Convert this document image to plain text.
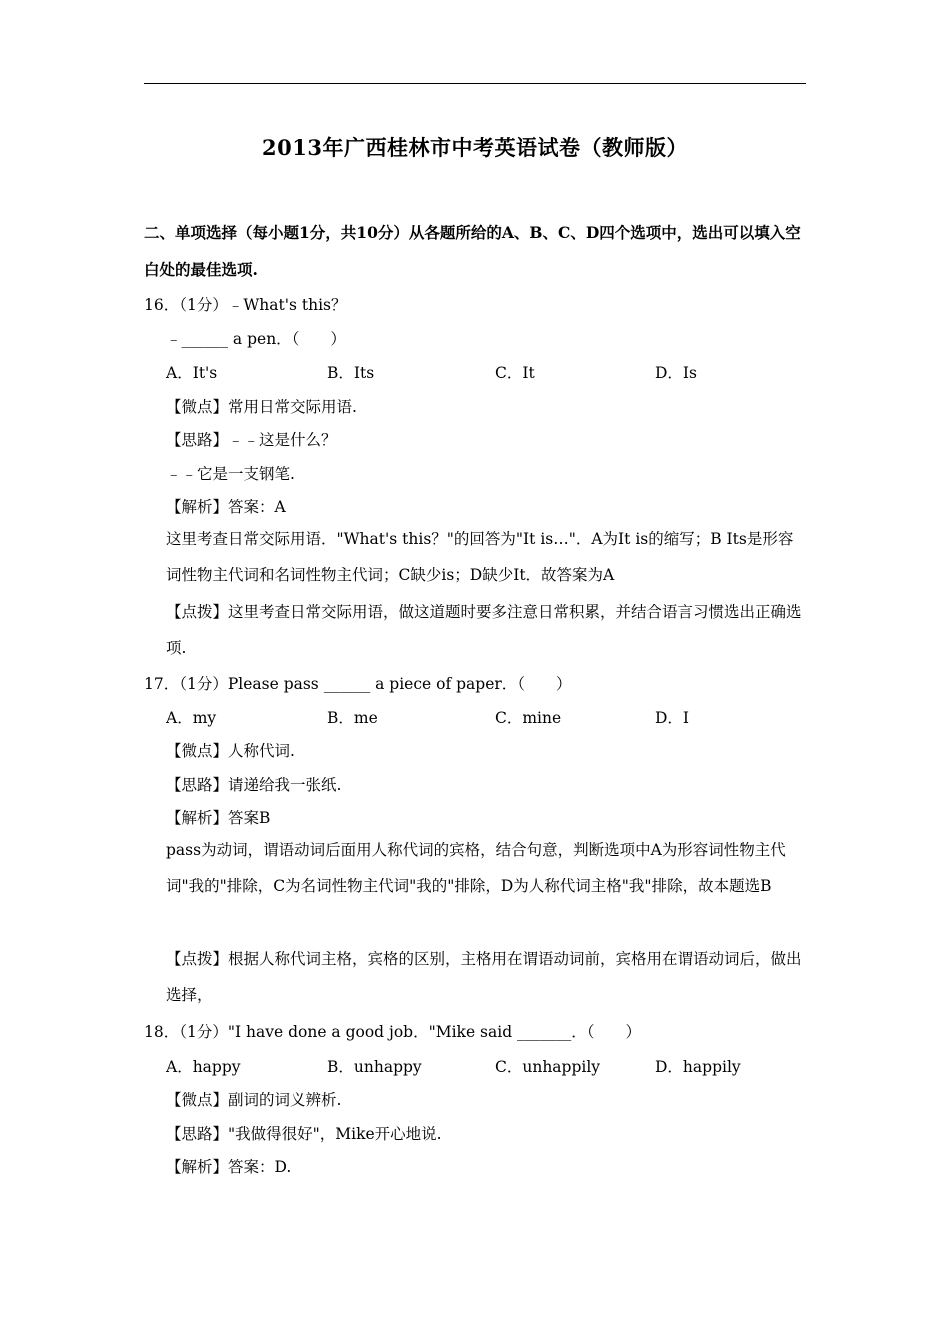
2013年广西桂林市中考英语试卷（教师版）
二、单项选择（每小题1分，共10分）从各题所给的A、B、C、D四个选项中，选出可以填入空白处的最佳选项.
16．（1分）﹣What's this？
﹣______ a pen．（　　）
A．It's	B．Its	C．It	D．Is
【微点】常用日常交际用语.
【思路】﹣﹣这是什么？
﹣﹣它是一支钢笔.
【解析】答案：A
这里考查日常交际用语．"What's this？"的回答为"It is…"．A为It is的缩写；B Its是形容词性物主代词和名词性物主代词；C缺少is；D缺少It．故答案为A
【点拨】这里考查日常交际用语，做这道题时要多注意日常积累，并结合语言习惯选出正确选项.
17．（1分）Please pass ______ a piece of paper．（　　）
A．my	B．me	C．mine	D．I
【微点】人称代词.
【思路】请递给我一张纸.
【解析】答案B
pass为动词，谓语动词后面用人称代词的宾格，结合句意，判断选项中A为形容词性物主代词"我的"排除，C为名词性物主代词"我的"排除，D为人称代词主格"我"排除，故本题选B
【点拨】根据人称代词主格，宾格的区别，主格用在谓语动词前，宾格用在谓语动词后，做出选择，
18．（1分）"I have done a good job．"Mike said _______．（　　）
A．happy	B．unhappy	C．unhappily	D．happily
【微点】副词的词义辨析.
【思路】"我做得很好"，Mike开心地说.
【解析】答案：D.
